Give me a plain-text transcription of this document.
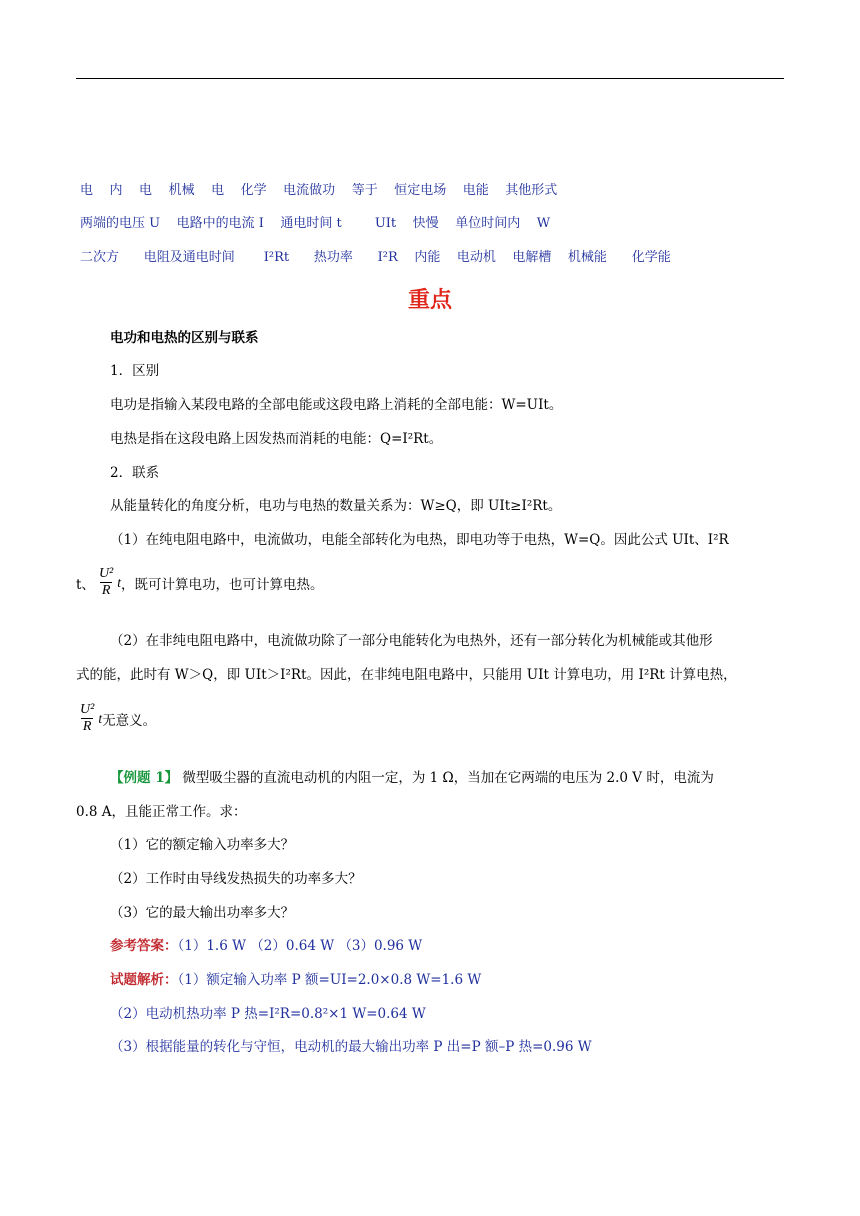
电    内    电    机械    电    化学    电流做功    等于    恒定电场    电能    其他形式
两端的电压 U    电路中的电流 I    通电时间 t        UIt    快慢    单位时间内    W
二次方      电阻及通电时间       I²Rt      热功率      I²R    内能    电动机    电解槽    机械能      化学能
重点
电功和电热的区别与联系
1．区别
电功是指输入某段电路的全部电能或这段电路上消耗的全部电能：W=UIt。
电热是指在这段电路上因发热而消耗的电能：Q=I²Rt。
2．联系
从能量转化的角度分析，电功与电热的数量关系为：W≥Q，即 UIt≥I²Rt。
（1）在纯电阻电路中，电流做功，电能全部转化为电热，即电功等于电热，W=Q。因此公式 UIt、I²R
t、 $\frac{\text{U²}}{R}$ t ，既可计算电功，也可计算电热。
（2）在非纯电阻电路中，电流做功除了一部分电能转化为电热外，还有一部分转化为机械能或其他形
式的能，此时有 W＞Q，即 UIt＞I²Rt。因此，在非纯电阻电路中，只能用 UIt 计算电功，用 I²Rt 计算电热，
$\frac{\text{U²}}{R}$ t 无意义。
【例题 1】 微型吸尘器的直流电动机的内阻一定，为 1 Ω，当加在它两端的电压为 2.0 V 时，电流为
0.8 A，且能正常工作。求：
（1）它的额定输入功率多大？
（2）工作时由导线发热损失的功率多大？
（3）它的最大输出功率多大？
参考答案：（1）1.6 W （2）0.64 W （3）0.96 W
试题解析：（1）额定输入功率 P 额=UI=2.0×0.8 W=1.6 W
（2）电动机热功率 P 热=I²R=0.8²×1 W=0.64 W
（3）根据能量的转化与守恒，电动机的最大输出功率 P 出=P 额–P 热=0.96 W
